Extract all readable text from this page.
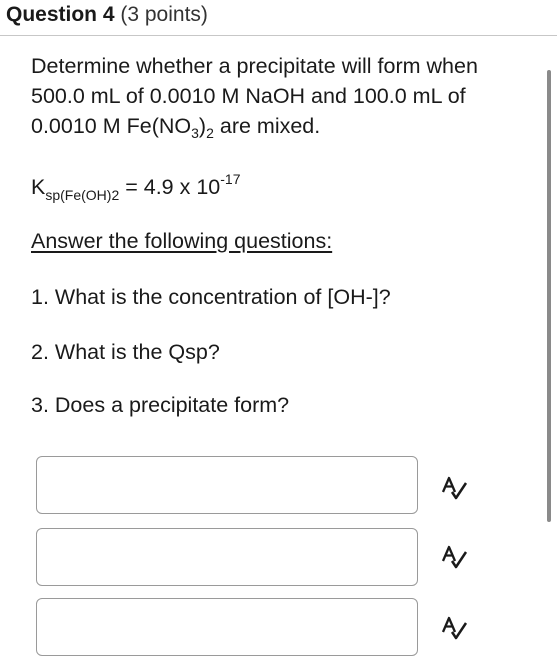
Question 4 (3 points)
Determine whether a precipitate will form when 500.0 mL of 0.0010 M NaOH and 100.0 mL of 0.0010 M $Fe(NO_3)_2$ are mixed.
$K_{sp(Fe(OH)2} = 4.9$ x $10^{-17}$
Answer the following questions:
1. What is the concentration of [OH-]?
2. What is the Qsp?
3. Does a precipitate form?
